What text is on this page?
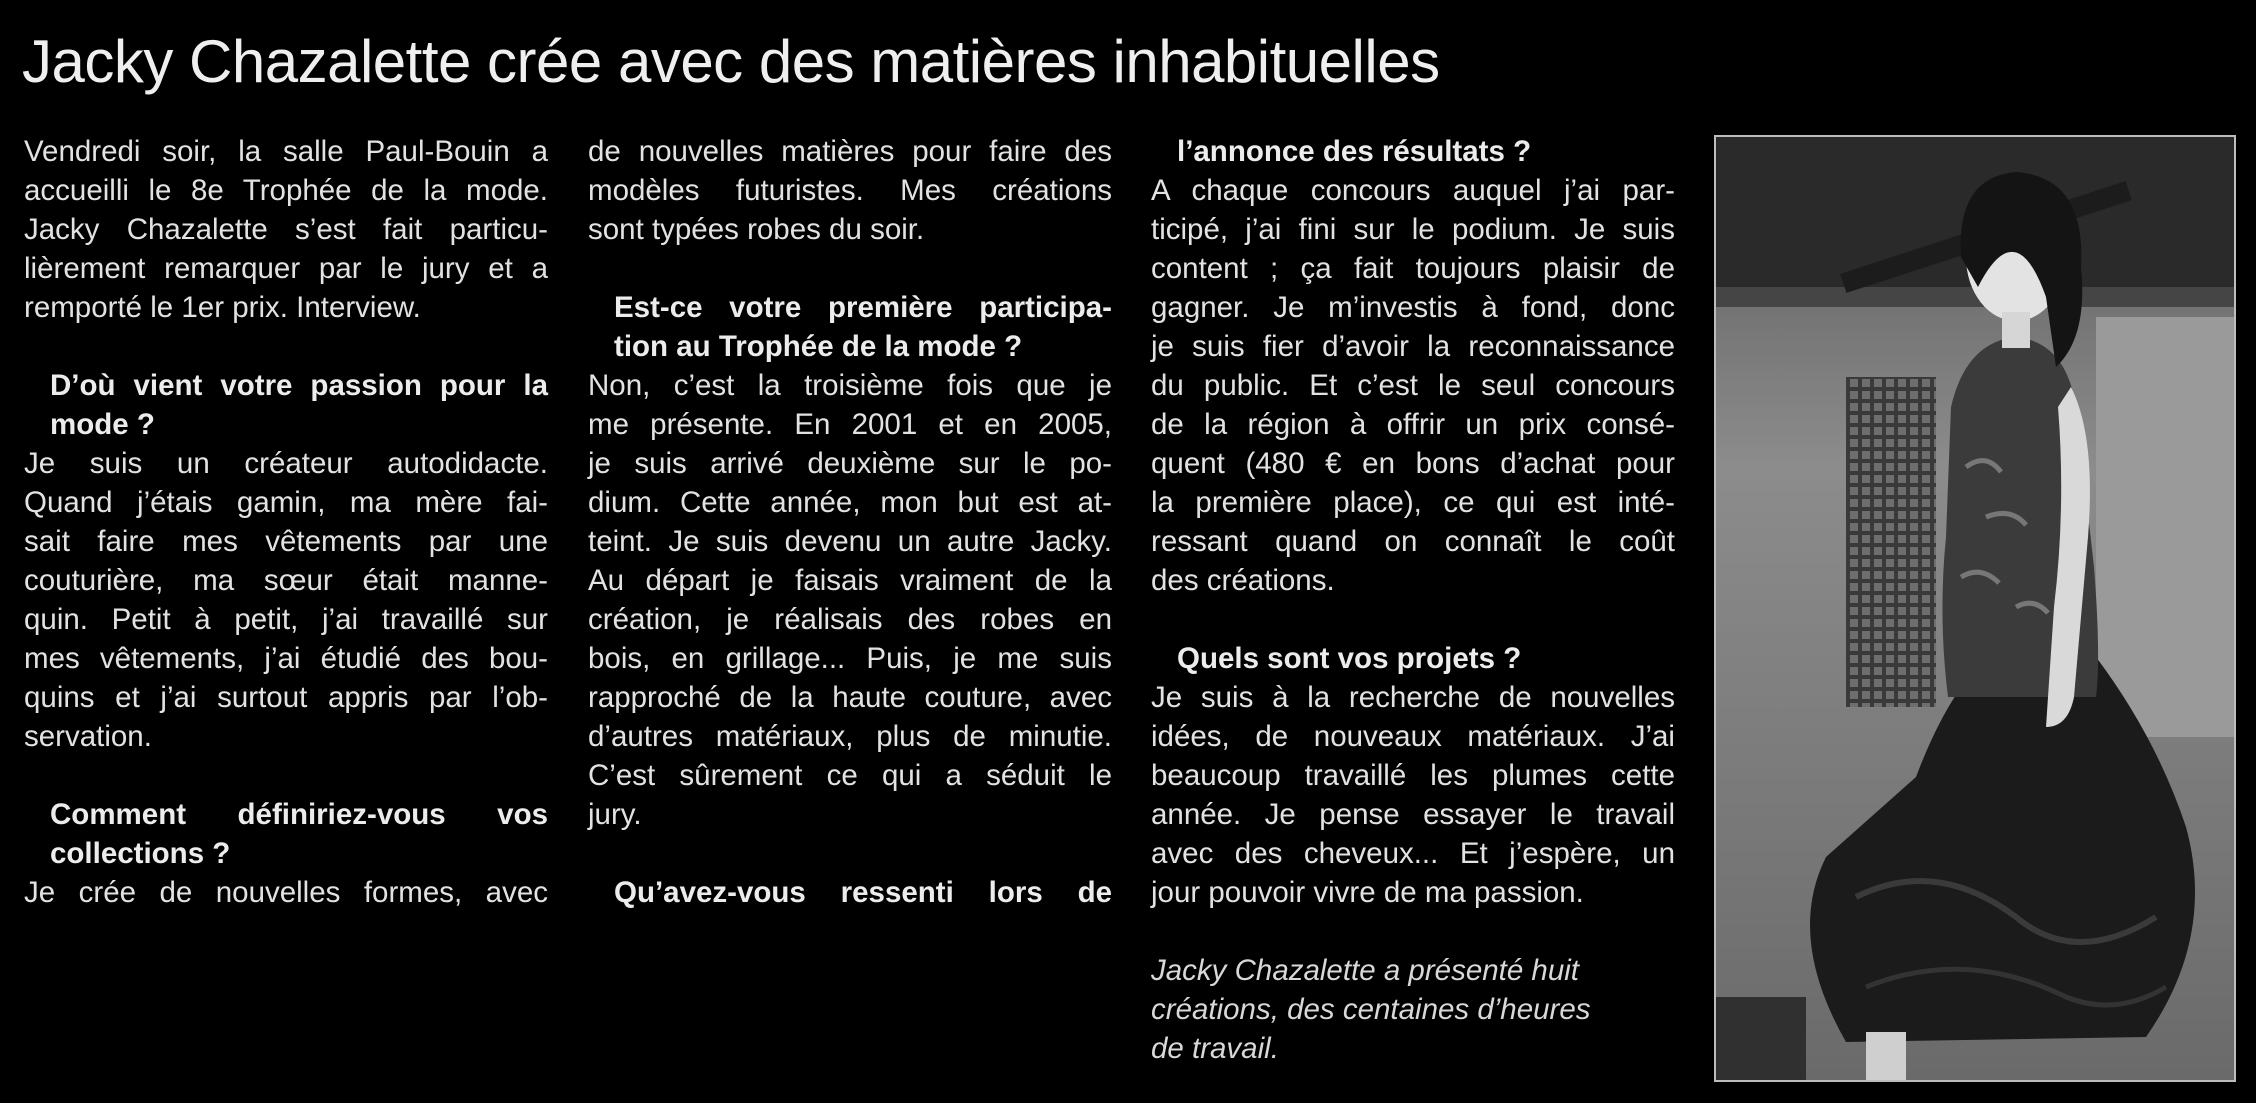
Jacky Chazalette crée avec des matières inhabituelles
Vendredi soir, la salle Paul-Bouin a
accueilli le 8e Trophée de la mode.
Jacky Chazalette s’est fait particu-
lièrement remarquer par le jury et a
remporté le 1er prix. Interview.
D’où vient votre passion pour la
mode ?
Je suis un créateur autodidacte.
Quand j’étais gamin, ma mère fai-
sait faire mes vêtements par une
couturière, ma sœur était manne-
quin. Petit à petit, j’ai travaillé sur
mes vêtements, j’ai étudié des bou-
quins et j’ai surtout appris par l’ob-
servation.
Comment définiriez-vous vos
collections ?
Je crée de nouvelles formes, avec
de nouvelles matières pour faire des
modèles futuristes. Mes créations
sont typées robes du soir.
Est-ce votre première participa-
tion au Trophée de la mode ?
Non, c’est la troisième fois que je
me présente. En 2001 et en 2005,
je suis arrivé deuxième sur le po-
dium. Cette année, mon but est at-
teint. Je suis devenu un autre Jacky.
Au départ je faisais vraiment de la
création, je réalisais des robes en
bois, en grillage... Puis, je me suis
rapproché de la haute couture, avec
d’autres matériaux, plus de minutie.
C’est sûrement ce qui a séduit le
jury.
Qu’avez-vous ressenti lors de
l’annonce des résultats ?
A chaque concours auquel j’ai par-
ticipé, j’ai fini sur le podium. Je suis
content ; ça fait toujours plaisir de
gagner. Je m’investis à fond, donc
je suis fier d’avoir la reconnaissance
du public. Et c’est le seul concours
de la région à offrir un prix consé-
quent (480 € en bons d’achat pour
la première place), ce qui est inté-
ressant quand on connaît le coût
des créations.
Quels sont vos projets ?
Je suis à la recherche de nouvelles
idées, de nouveaux matériaux. J’ai
beaucoup travaillé les plumes cette
année. Je pense essayer le travail
avec des cheveux... Et j’espère, un
jour pouvoir vivre de ma passion.
Jacky Chazalette a présenté huit
créations, des centaines d’heures
de travail.
